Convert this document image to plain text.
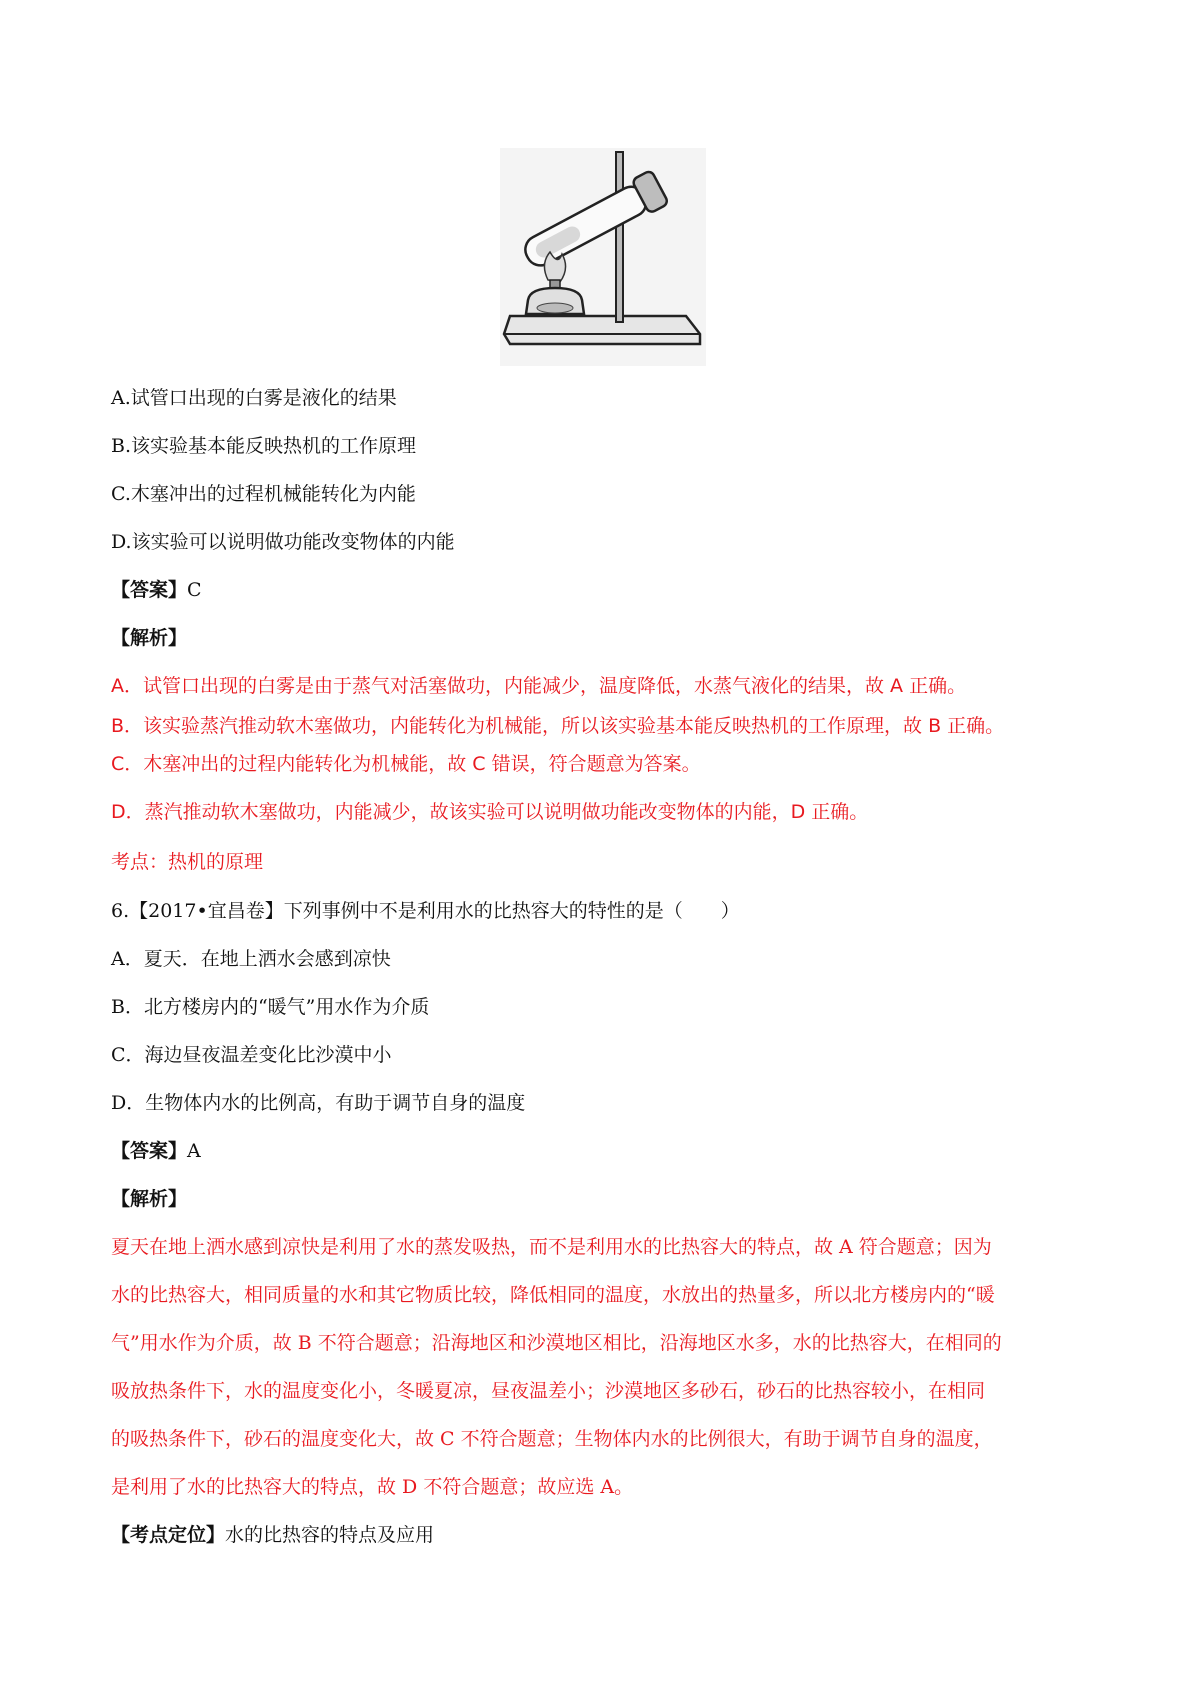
A.试管口出现的白雾是液化的结果
B.该实验基本能反映热机的工作原理
C.木塞冲出的过程机械能转化为内能
D.该实验可以说明做功能改变物体的内能
【答案】C
【解析】
A．试管口出现的白雾是由于蒸气对活塞做功，内能减少，温度降低，水蒸气液化的结果，故 A 正确。
B．该实验蒸汽推动软木塞做功，内能转化为机械能，所以该实验基本能反映热机的工作原理，故 B 正确。
C．木塞冲出的过程内能转化为机械能，故 C 错误，符合题意为答案。
D．蒸汽推动软木塞做功，内能减少，故该实验可以说明做功能改变物体的内能，D 正确。
考点：热机的原理
6.【2017•宜昌卷】下列事例中不是利用水的比热容大的特性的是（　　）
A．夏天．在地上洒水会感到凉快
B．北方楼房内的“暖气”用水作为介质
C．海边昼夜温差变化比沙漠中小
D．生物体内水的比例高，有助于调节自身的温度
【答案】A
【解析】
夏天在地上洒水感到凉快是利用了水的蒸发吸热，而不是利用水的比热容大的特点，故 A 符合题意；因为
水的比热容大，相同质量的水和其它物质比较，降低相同的温度，水放出的热量多，所以北方楼房内的“暖
气”用水作为介质，故 B 不符合题意；沿海地区和沙漠地区相比，沿海地区水多，水的比热容大，在相同的
吸放热条件下，水的温度变化小，冬暖夏凉，昼夜温差小；沙漠地区多砂石，砂石的比热容较小，在相同
的吸热条件下，砂石的温度变化大，故 C 不符合题意；生物体内水的比例很大，有助于调节自身的温度，
是利用了水的比热容大的特点，故 D 不符合题意；故应选 A。
【考点定位】水的比热容的特点及应用
